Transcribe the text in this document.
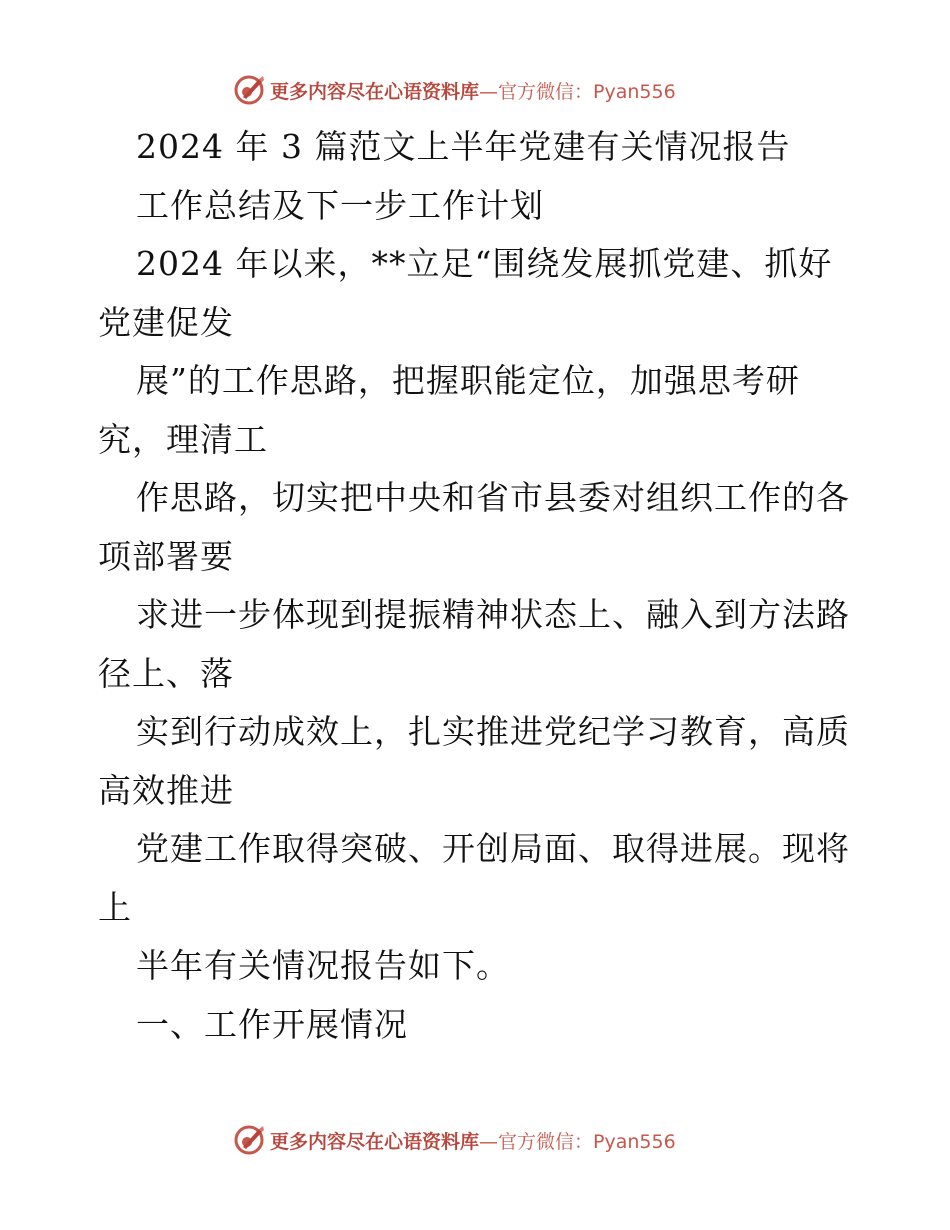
更多内容尽在心语资料库—官方微信：Pyan556
2024 年 3 篇范文上半年党建有关情况报告
工作总结及下一步工作计划
2024 年以来，**立足“围绕发展抓党建、抓好
党建促发
展”的工作思路，把握职能定位，加强思考研
究，理清工
作思路，切实把中央和省市县委对组织工作的各
项部署要
求进一步体现到提振精神状态上、融入到方法路
径上、落
实到行动成效上，扎实推进党纪学习教育，高质
高效推进
党建工作取得突破、开创局面、取得进展。现将
上
半年有关情况报告如下。
一、工作开展情况
更多内容尽在心语资料库—官方微信：Pyan556
